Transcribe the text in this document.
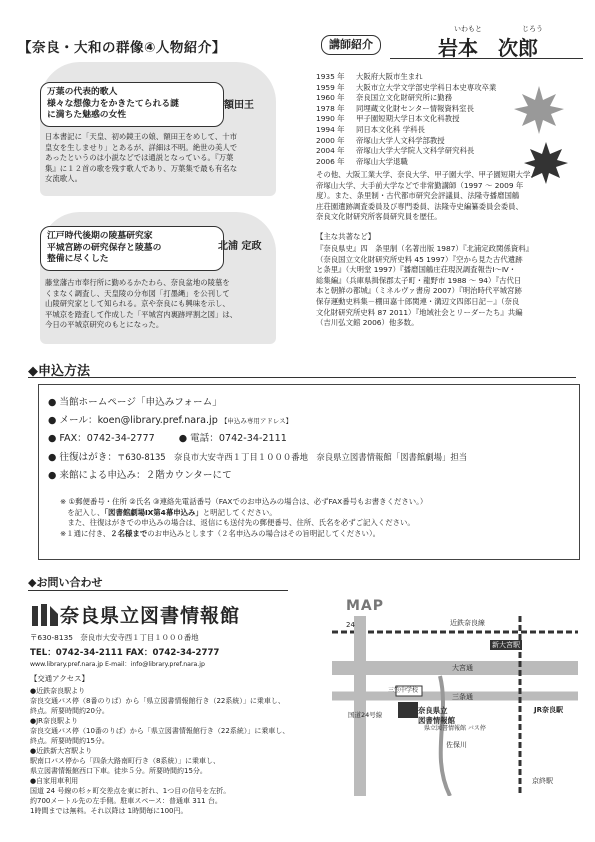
【奈良・大和の群像④人物紹介】	講師紹介
いわもと	じろう
岩本　次郎
万葉の代表的歌人
様々な想像力をかきたてられる謎
に満ちた魅惑の女性
額田王
日本書記に「天皇、初め鏡王の娘、額田王をめして、十市
皇女を生しませり」とあるが、詳細は不明。絶世の美人で
あったというのは小説などでは通説となっている。『万葉
集』に１２首の歌を残す歌人であり、万葉集で最も有名な
女流歌人。
江戸時代後期の陵墓研究家
平城宮跡の研究保存と陵墓の
整備に尽くした
北浦 定政
藤堂藩古市奉行所に勤めるかたわら、奈良盆地の陵墓を
くまなく調査し、天皇陵の分布図「打墨縄」を公刊して
山陵研究家として知られる。京や奈良にも興味を示し、
平城京を踏査して作成した「平城宮内裏跡坪割之図」は、
今日の平城京研究のもとになった。
1935 年 大阪府大阪市生まれ
1959 年 大阪市立大学文学部史学科日本史専攻卒業
1960 年 奈良国立文化財研究所に勤務
1978 年 同埋蔵文化財センター情報資料室長
1990 年 甲子園短期大学日本文化科教授
1994 年 同日本文化科 学科長
2000 年 帝塚山大学人文科学部教授
2004 年 帝塚山大学大学院人文科学研究科長
2006 年 帝塚山大学退職
その他、大阪工業大学、奈良大学、甲子園大学、甲子園短期大学、
帝塚山大学、大手前大学などで非常勤講師（1997 ～ 2009 年
度）。また、条里制・古代都市研究会評議員、法隆寺播磨国鵤
庄荘園遺跡調査委員及び専門委員、法隆寺史編纂委員会委員、
奈良文化財研究所客員研究員を歴任。
【主な共著など】
『奈良県史』四　条里制（名著出版 1987）『北浦定政関係資料』
（奈良国立文化財研究所史料 45 1997）『空から見た古代遺跡
と条里』（大明堂 1997）『播磨国鵤庄荘現況調査報告Ⅰ～Ⅳ・
総集編』（兵庫県揖保郡太子町・龍野市 1988 ～ 94）『古代日
本と朝鮮の都城』（ミネルヴァ書房 2007）『明治時代平城宮跡
保存運動史料集－棚田嘉十郎関連・溝辺文四郎日記－』（奈良
文化財研究所史料 87 2011）『地域社会とリーダーたち』共編
（吉川弘文館 2006）他多数。
◆申込方法
● 当館ホームページ「申込みフォーム」
● メール：koen@library.pref.nara.jp 【申込み専用アドレス】
● FAX：0742-34-2777●	電話：0742-34-2111
● 往復はがき：〒630-8135　奈良市大安寺西１丁目１０００番地　奈良県立図書情報館「図書館劇場」担当
● 来館による申込み：２階カウンターにて
※ ①郵便番号・住所 ②氏名 ③連絡先電話番号（FAXでのお申込みの場合は、必ずFAX番号もお書きください。）
　を記入し、「図書館劇場Ⅸ第4幕申込み」と明記してください。
　また、往復はがきでの申込みの場合は、返信にも送付先の郵便番号、住所、氏名を必ずご記入ください。
※１通に付き、２名様までのお申込みとします（２名申込みの場合はその旨明記してください）。
◆お問い合わせ
奈良県立図書情報館
〒630-8135　奈良市大安寺西１丁目１０００番地
TEL：0742-34-2111 FAX：0742-34-2777
www.library.pref.nara.jp E-mail：info@library.pref.nara.jp
【交通アクセス】
●近鉄奈良駅より
奈良交通バス停（8番のりば）から「県立図書情報館行き（22系統）」に乗車し、
終点。所要時間約20分。
●JR奈良駅より
奈良交通バス停（10番のりば）から「県立図書情報館行き（22系統）」に乗車し、
終点。所要時間約15分。
●近鉄新大宮駅より
駅南口バス停から「四条大路南町行き（8系統）」に乗車し、
県立図書情報館西口下車。徒歩５分。所要時間約15分。
●自家用車利用
国道 24 号線の杉ヶ町交差点を東に折れ、1つ目の信号を左折。
約700メートル先の左手側。駐車スペース：普通車 311 台。
1時間までは無料。それ以降は 1時間毎に100円。
MAP
24	近鉄奈良線
新大宮駅
大宮通
三条通
奈良県立
図書情報館
三笠中学校
佐保川
県立図書情報館 バス停
JR奈良駅
京終駅
国道24号線
